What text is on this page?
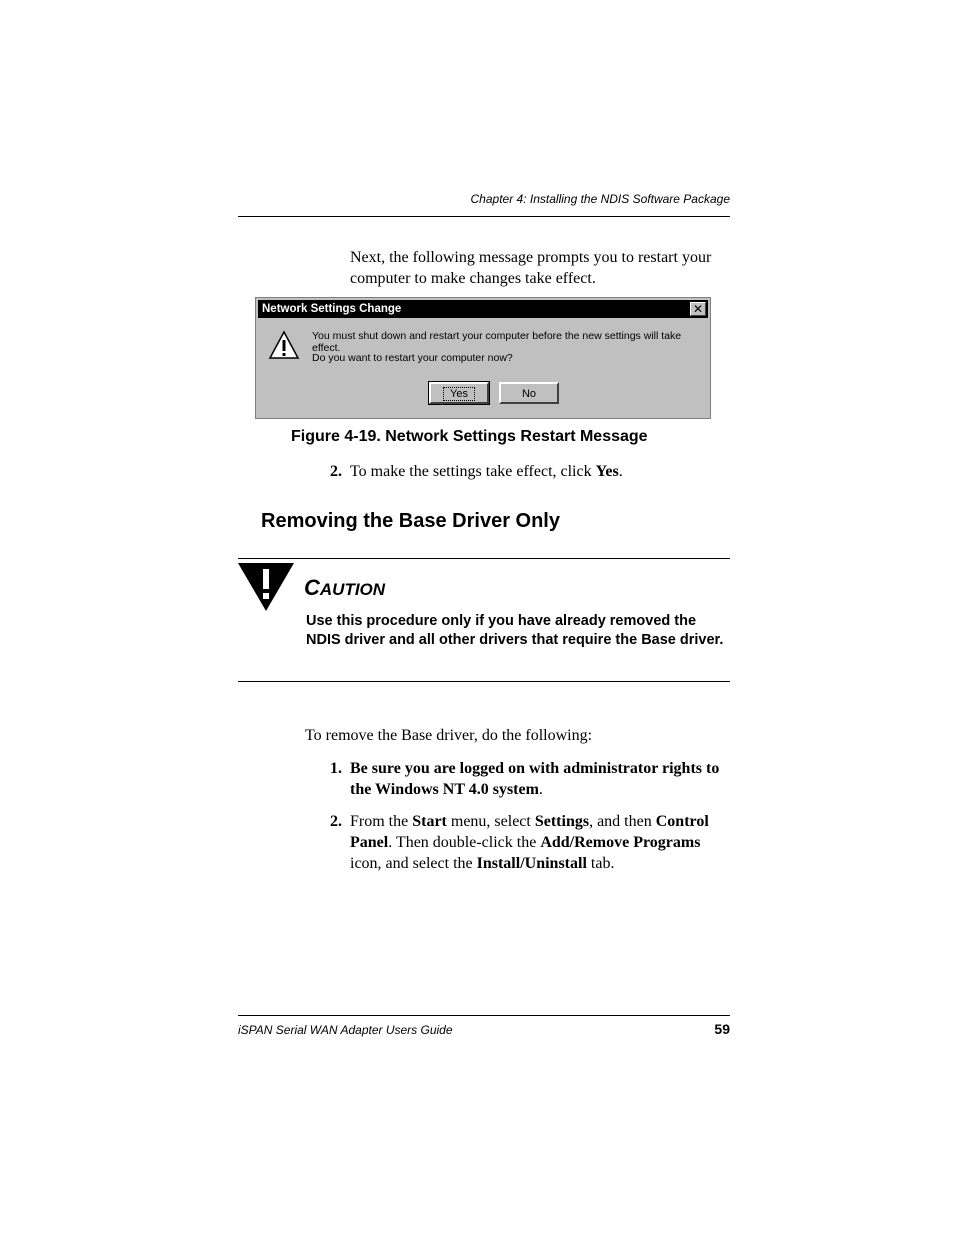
Chapter 4: Installing the NDIS Software Package
Next, the following message prompts you to restart your computer to make changes take effect.
Network Settings Change	✕
You must shut down and restart your computer before the new settings will take effect.
Do you want to restart your computer now?
Yes	No
Figure 4-19. Network Settings Restart Message
2. To make the settings take effect, click Yes.
Removing the Base Driver Only
CAUTION
Use this procedure only if you have already removed the NDIS driver and all other drivers that require the Base driver.
To remove the Base driver, do the following:
1. Be sure you are logged on with administrator rights to the Windows NT 4.0 system.
2. From the Start menu, select Settings, and then Control Panel. Then double-click the Add/Remove Programs icon, and select the Install/Uninstall tab.
iSPAN Serial WAN Adapter Users Guide	59
